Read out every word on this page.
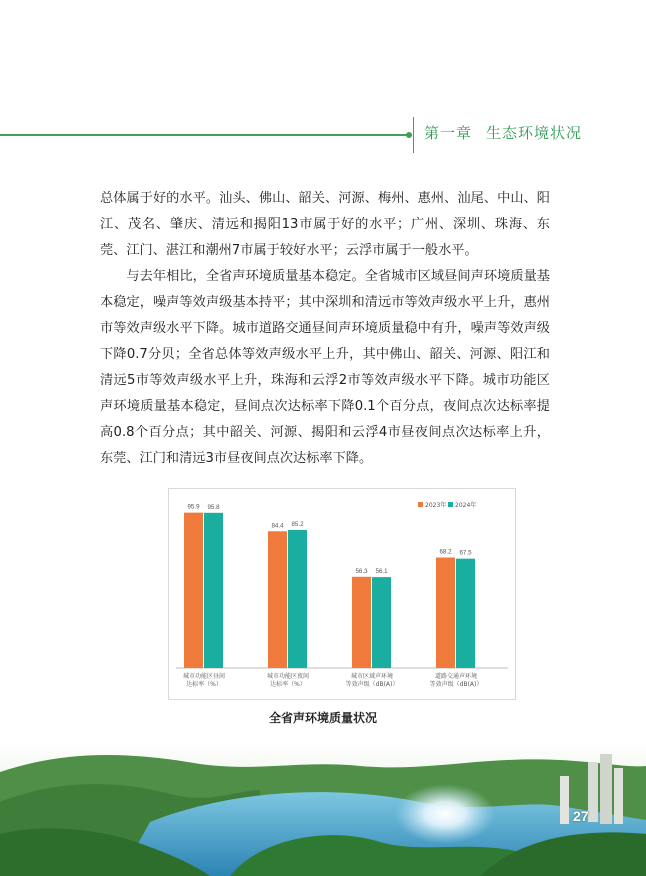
第一章 生态环境状况

总体属于好的水平。汕头、佛山、韶关、河源、梅州、惠州、汕尾、中山、阳江、茂名、肇庆、清远和揭阳13市属于好的水平；广州、深圳、珠海、东莞、江门、湛江和潮州7市属于较好水平；云浮市属于一般水平。

与去年相比，全省声环境质量基本稳定。全省城市区域昼间声环境质量基本稳定，噪声等效声级基本持平；其中深圳和清远市等效声级水平上升，惠州市等效声级水平下降。城市道路交通昼间声环境质量稳中有升，噪声等效声级下降0.7分贝；全省总体等效声级水平上升，其中佛山、韶关、河源、阳江和清远5市等效声级水平上升，珠海和云浮2市等效声级水平下降。城市功能区声环境质量基本稳定，昼间点次达标率下降0.1个百分点，夜间点次达标率提高0.8个百分点；其中韶关、河源、揭阳和云浮4市昼夜间点次达标率上升，东莞、江门和清远3市昼夜间点次达标率下降。

95.9 95.8
城市功能区昼间
达标率（%）
84.4 85.2
城市功能区夜间
达标率（%）
56.3 56.1
城市区域声环境
等效声级（dB(A)）
68.2 67.5
道路交通声环境
等效声级（dB(A)）
2023年 2024年
全省声环境质量状况
27
